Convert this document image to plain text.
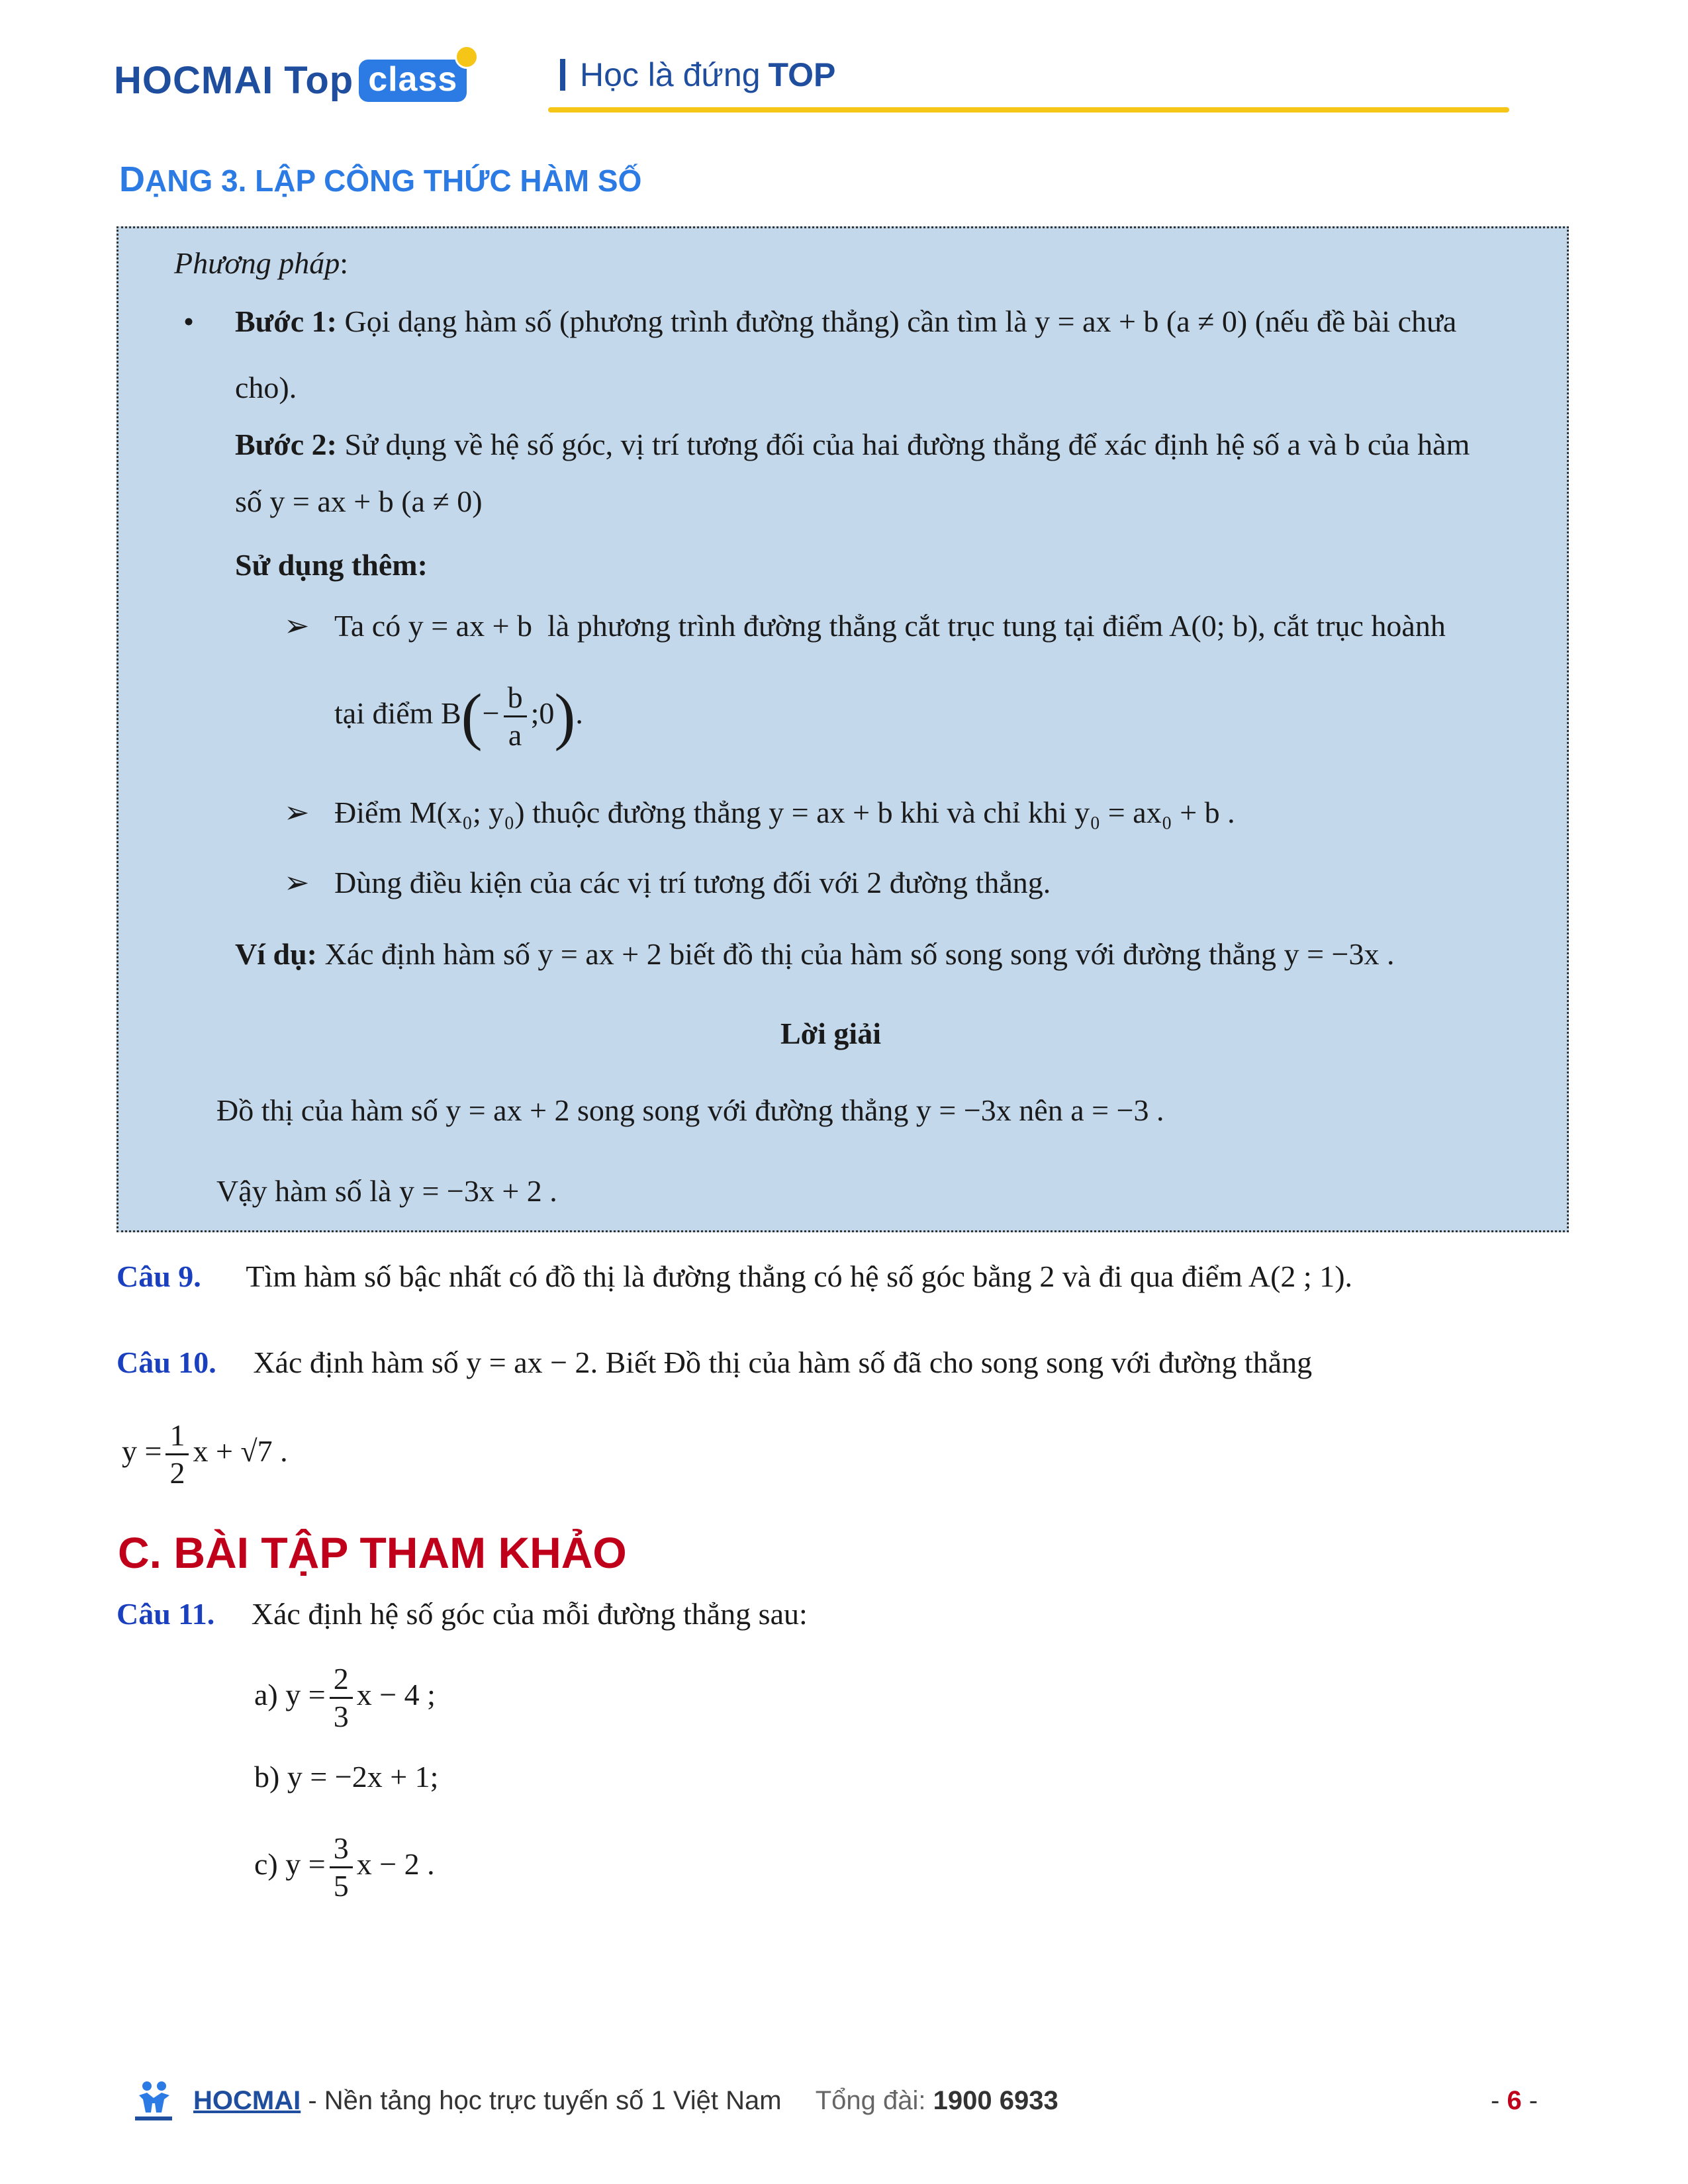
HOCMAI Top class	Học là đứng TOP
DẠNG 3. LẬP CÔNG THỨC HÀM SỐ
Phương pháp:
• Bước 1: Gọi dạng hàm số (phương trình đường thẳng) cần tìm là y = ax + b (a ≠ 0) (nếu đề bài chưa
cho).
Bước 2: Sử dụng về hệ số góc, vị trí tương đối của hai đường thẳng để xác định hệ số a và b của hàm
số y = ax + b (a ≠ 0)
Sử dụng thêm:
➢ Ta có y = ax + b là phương trình đường thẳng cắt trục tung tại điểm A(0; b), cắt trục hoành
tại điểm $B(- \frac{b}{a}$ ;0).
➢ Điểm M(x₀; y₀) thuộc đường thẳng y = ax + b khi và chỉ khi y₀ = ax₀ + b .
➢ Dùng điều kiện của các vị trí tương đối với 2 đường thẳng.
Ví dụ: Xác định hàm số y = ax + 2 biết đồ thị của hàm số song song với đường thẳng y = −3x .
Lời giải
Đồ thị của hàm số y = ax + 2 song song với đường thẳng y = −3x nên a = −3 .
Vậy hàm số là y = −3x + 2 .
Câu 9. Tìm hàm số bậc nhất có đồ thị là đường thẳng có hệ số góc bằng 2 và đi qua điểm A(2 ; 1).
Câu 10. Xác định hàm số y = ax − 2. Biết Đồ thị của hàm số đã cho song song với đường thẳng
$y = \frac{1}{2}$ x + √7 .
C. BÀI TẬP THAM KHẢO
Câu 11. Xác định hệ số góc của mỗi đường thẳng sau:
a) $y = \frac{2}{3}$ x − 4 ;
b) y = −2x + 1;
c) $y = \frac{3}{5}$ x − 2 .
HOCMAI - Nền tảng học trực tuyến số 1 Việt Nam Tổng đài: 1900 6933	- 6 -
